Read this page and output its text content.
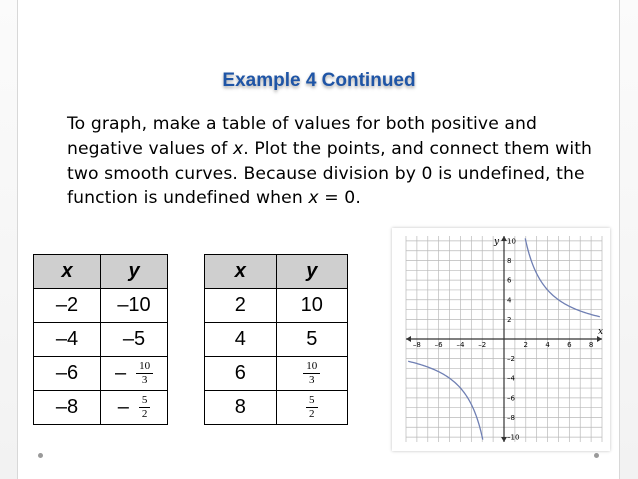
Example 4 Continued
To graph, make a table of values for both positive and negative values of x. Plot the points, and connect them with two smooth curves. Because division by 0 is undefined, the function is undefined when x = 0.
x	y
–2	–10
–4	–5
–6	– $\frac{10}{3}$

–8	– $\frac{5}{2}$
x	y
2	10
4	5
6	$\frac{10}{3}$

8	$\frac{5}{2}$
–8 –6 –4 –2	2 4 6 8
10
8
6
4
2
–2
–4
–6
–8
–10
x
y
